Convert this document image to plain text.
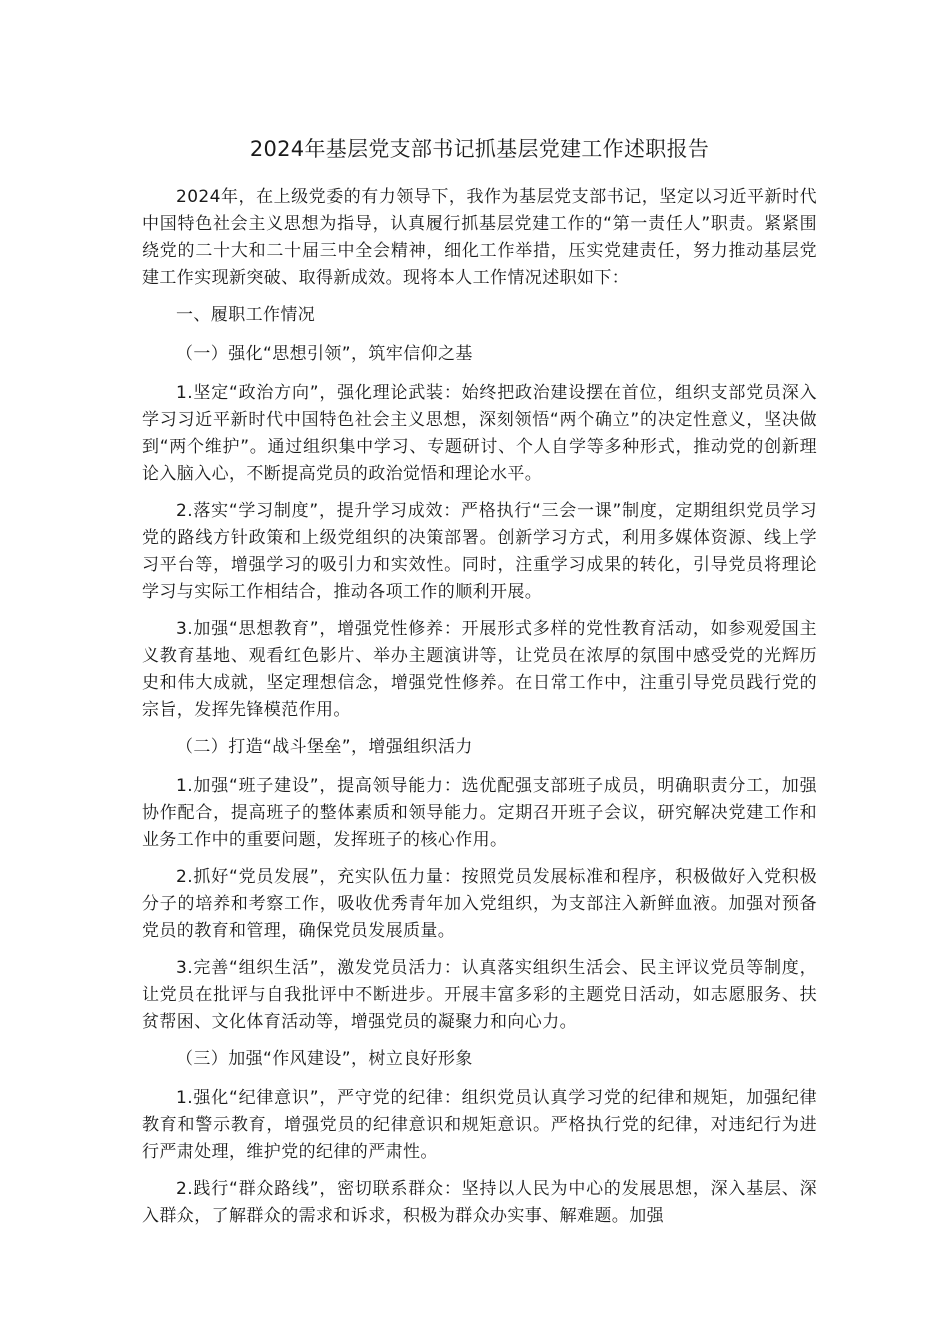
2024年基层党支部书记抓基层党建工作述职报告

2024年，在上级党委的有力领导下，我作为基层党支部书记，坚定以习近平新时代中国特色社会主义思想为指导，认真履行抓基层党建工作的“第一责任人”职责。紧紧围绕党的二十大和二十届三中全会精神，细化工作举措，压实党建责任，努力推动基层党建工作实现新突破、取得新成效。现将本人工作情况述职如下：

一、履职工作情况

（一）强化“思想引领”，筑牢信仰之基

1.坚定“政治方向”，强化理论武装：始终把政治建设摆在首位，组织支部党员深入学习习近平新时代中国特色社会主义思想，深刻领悟“两个确立”的决定性意义，坚决做到“两个维护”。通过组织集中学习、专题研讨、个人自学等多种形式，推动党的创新理论入脑入心，不断提高党员的政治觉悟和理论水平。

2.落实“学习制度”，提升学习成效：严格执行“三会一课”制度，定期组织党员学习党的路线方针政策和上级党组织的决策部署。创新学习方式，利用多媒体资源、线上学习平台等，增强学习的吸引力和实效性。同时，注重学习成果的转化，引导党员将理论学习与实际工作相结合，推动各项工作的顺利开展。

3.加强“思想教育”，增强党性修养：开展形式多样的党性教育活动，如参观爱国主义教育基地、观看红色影片、举办主题演讲等，让党员在浓厚的氛围中感受党的光辉历史和伟大成就，坚定理想信念，增强党性修养。在日常工作中，注重引导党员践行党的宗旨，发挥先锋模范作用。

（二）打造“战斗堡垒”，增强组织活力

1.加强“班子建设”，提高领导能力：选优配强支部班子成员，明确职责分工，加强协作配合，提高班子的整体素质和领导能力。定期召开班子会议，研究解决党建工作和业务工作中的重要问题，发挥班子的核心作用。

2.抓好“党员发展”，充实队伍力量：按照党员发展标准和程序，积极做好入党积极分子的培养和考察工作，吸收优秀青年加入党组织，为支部注入新鲜血液。加强对预备党员的教育和管理，确保党员发展质量。

3.完善“组织生活”，激发党员活力：认真落实组织生活会、民主评议党员等制度，让党员在批评与自我批评中不断进步。开展丰富多彩的主题党日活动，如志愿服务、扶贫帮困、文化体育活动等，增强党员的凝聚力和向心力。

（三）加强“作风建设”，树立良好形象

1.强化“纪律意识”，严守党的纪律：组织党员认真学习党的纪律和规矩，加强纪律教育和警示教育，增强党员的纪律意识和规矩意识。严格执行党的纪律，对违纪行为进行严肃处理，维护党的纪律的严肃性。

2.践行“群众路线”，密切联系群众：坚持以人民为中心的发展思想，深入基层、深入群众，了解群众的需求和诉求，积极为群众办实事、解难题。加强
